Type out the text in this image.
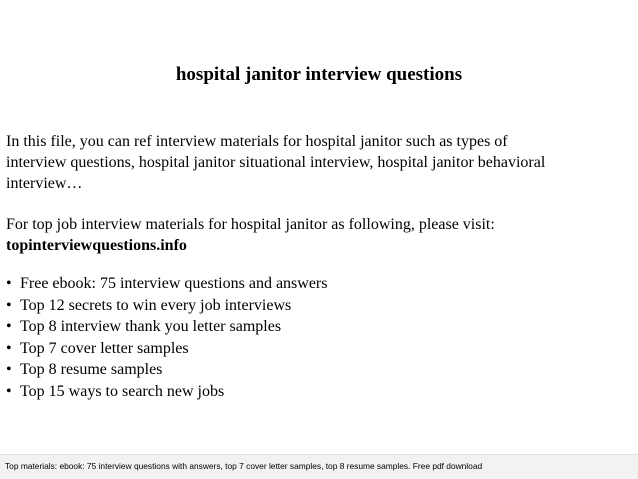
hospital janitor interview questions
In this file, you can ref interview materials for hospital janitor such as types of
interview questions, hospital janitor situational interview, hospital janitor behavioral
interview…
For top job interview materials for hospital janitor as following, please visit:
topinterviewquestions.info
• Free ebook: 75 interview questions and answers
• Top 12 secrets to win every job interviews
• Top 8 interview thank you letter samples
• Top 7 cover letter samples
• Top 8 resume samples
• Top 15 ways to search new jobs
Top materials: ebook: 75 interview questions with answers, top 7 cover letter samples, top 8 resume samples. Free pdf download
